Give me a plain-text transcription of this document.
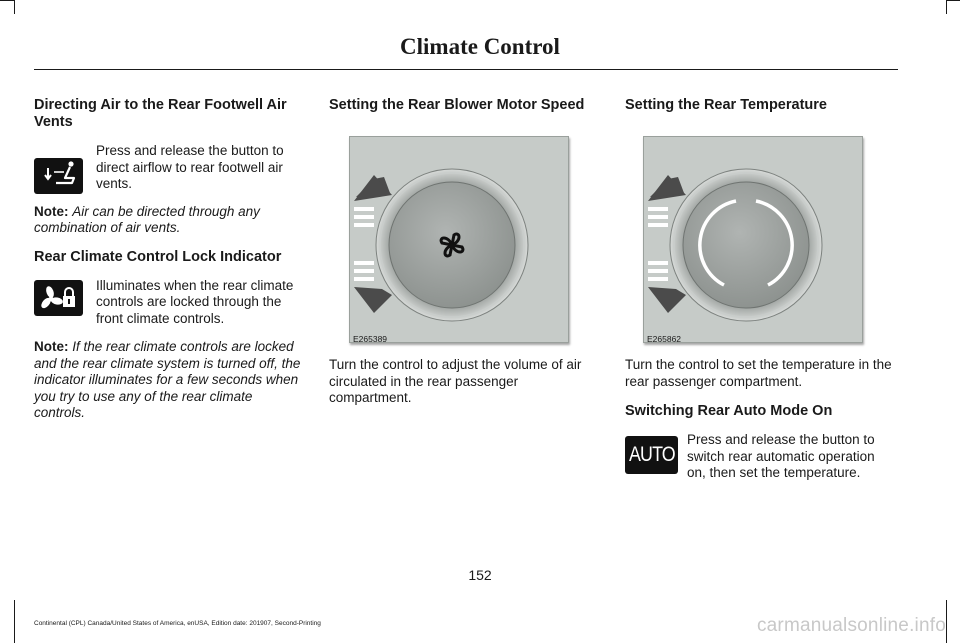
Climate Control
Directing Air to the Rear Footwell Air Vents

Press and release the button to direct airflow to rear footwell air vents.

Note: Air can be directed through any combination of air vents.

Rear Climate Control Lock Indicator

Illuminates when the rear climate controls are locked through the front climate controls.

Note: If the rear climate controls are locked and the rear climate system is turned off, the indicator illuminates for a few seconds when you try to use any of the rear climate controls.

Setting the Rear Blower Motor Speed
E265389

Turn the control to adjust the volume of air circulated in the rear passenger compartment.

Setting the Rear Temperature
E265862

Turn the control to set the temperature in the rear passenger compartment.

Switching Rear Auto Mode On
AUTO

Press and release the button to switch rear automatic operation on, then set the temperature.

152
Continental (CPL) Canada/United States of America, enUSA, Edition date: 201907, Second-Printing	carmanualsonline.info
